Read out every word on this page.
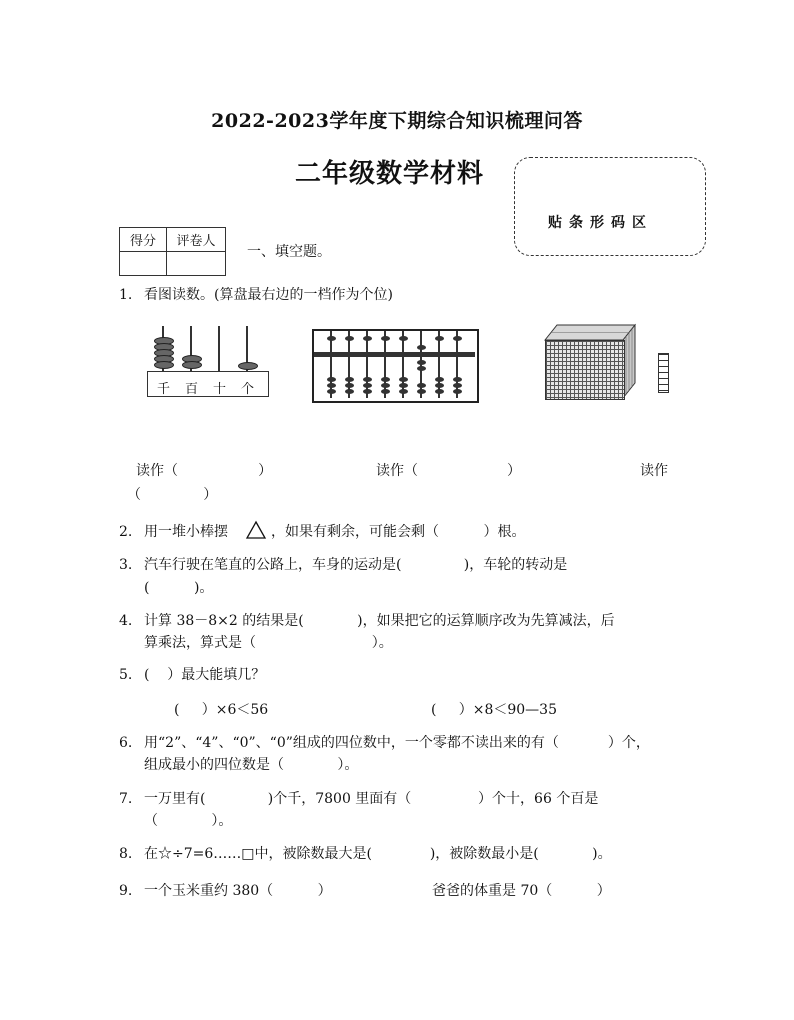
2022-2023学年度下期综合知识梳理问答
二年级数学材料
贴条形码区
得分	评卷人

一、填空题。
1. 看图读数。(算盘最右边的一档作为个位)
千 百 十 个
读作（                  ）	读作（                    ）	读作
（              ）
2. 用一堆小棒摆	，如果有剩余，可能会剩（          ）根。
3. 汽车行驶在笔直的公路上，车身的运动是(              )，车轮的转动是
(          )。
4. 计算 38－8×2 的结果是(            )，如果把它的运算顺序改为先算减法，后
算乘法，算式是（                          ）。
5. (    ）最大能填几？
(     ）×6＜56	(     ）×8＜90—35
6. 用“2”、“4”、“0”、“0”组成的四位数中，一个零都不读出来的有（           ）个，
组成最小的四位数是（            ）。
7. 一万里有(              )个千，7800 里面有（               ）个十，66 个百是
（            ）。
8. 在☆÷7=6……□中，被除数最大是(             )，被除数最小是(            )。
9. 一个玉米重约 380（          ）	爸爸的体重是 70（          ）
